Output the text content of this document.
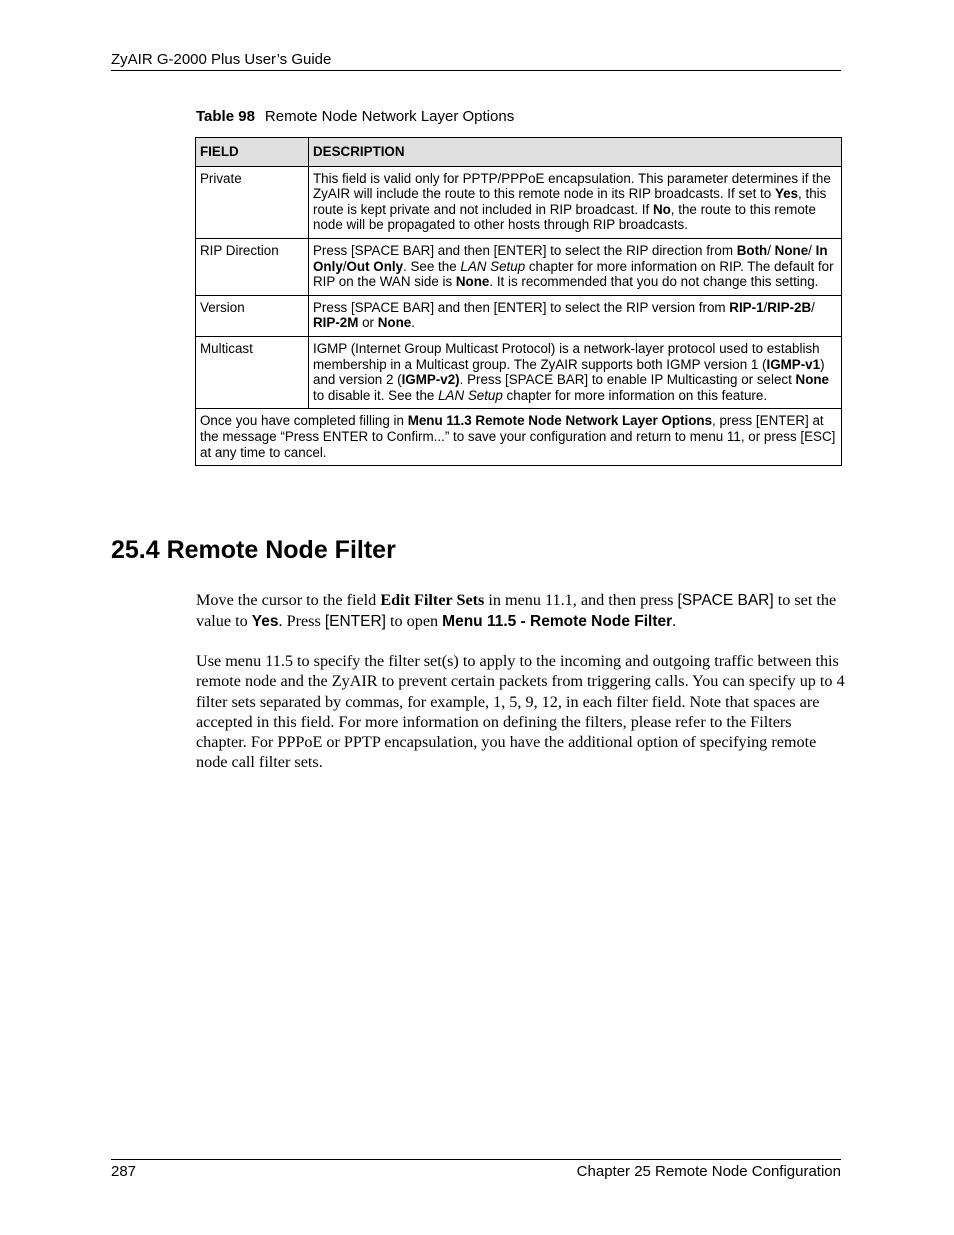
ZyAIR G-2000 Plus User’s Guide
Table 98 Remote Node Network Layer Options
FIELD	DESCRIPTION
Private	This field is valid only for PPTP/PPPoE encapsulation. This parameter determines if the ZyAIR will include the route to this remote node in its RIP broadcasts. If set to Yes, this route is kept private and not included in RIP broadcast. If No, the route to this remote node will be propagated to other hosts through RIP broadcasts.
RIP Direction	Press [SPACE BAR] and then [ENTER] to select the RIP direction from Both/ None/ In Only/Out Only. See the LAN Setup chapter for more information on RIP. The default for RIP on the WAN side is None. It is recommended that you do not change this setting.
Version	Press [SPACE BAR] and then [ENTER] to select the RIP version from RIP-1/RIP-2B/ RIP-2M or None.
Multicast	IGMP (Internet Group Multicast Protocol) is a network-layer protocol used to establish membership in a Multicast group. The ZyAIR supports both IGMP version 1 (IGMP-v1) and version 2 (IGMP-v2). Press [SPACE BAR] to enable IP Multicasting or select None to disable it. See the LAN Setup chapter for more information on this feature.
Once you have completed filling in Menu 11.3 Remote Node Network Layer Options, press [ENTER] at the message “Press ENTER to Confirm...” to save your configuration and return to menu 11, or press [ESC] at any time to cancel.	
25.4 Remote Node Filter

Move the cursor to the field Edit Filter Sets in menu 11.1, and then press [SPACE BAR] to set the value to Yes. Press [ENTER] to open Menu 11.5 - Remote Node Filter.

Use menu 11.5 to specify the filter set(s) to apply to the incoming and outgoing traffic between this remote node and the ZyAIR to prevent certain packets from triggering calls. You can specify up to 4 filter sets separated by commas, for example, 1, 5, 9, 12, in each filter field. Note that spaces are accepted in this field. For more information on defining the filters, please refer to the Filters chapter. For PPPoE or PPTP encapsulation, you have the additional option of specifying remote node call filter sets.

287	Chapter 25 Remote Node Configuration
